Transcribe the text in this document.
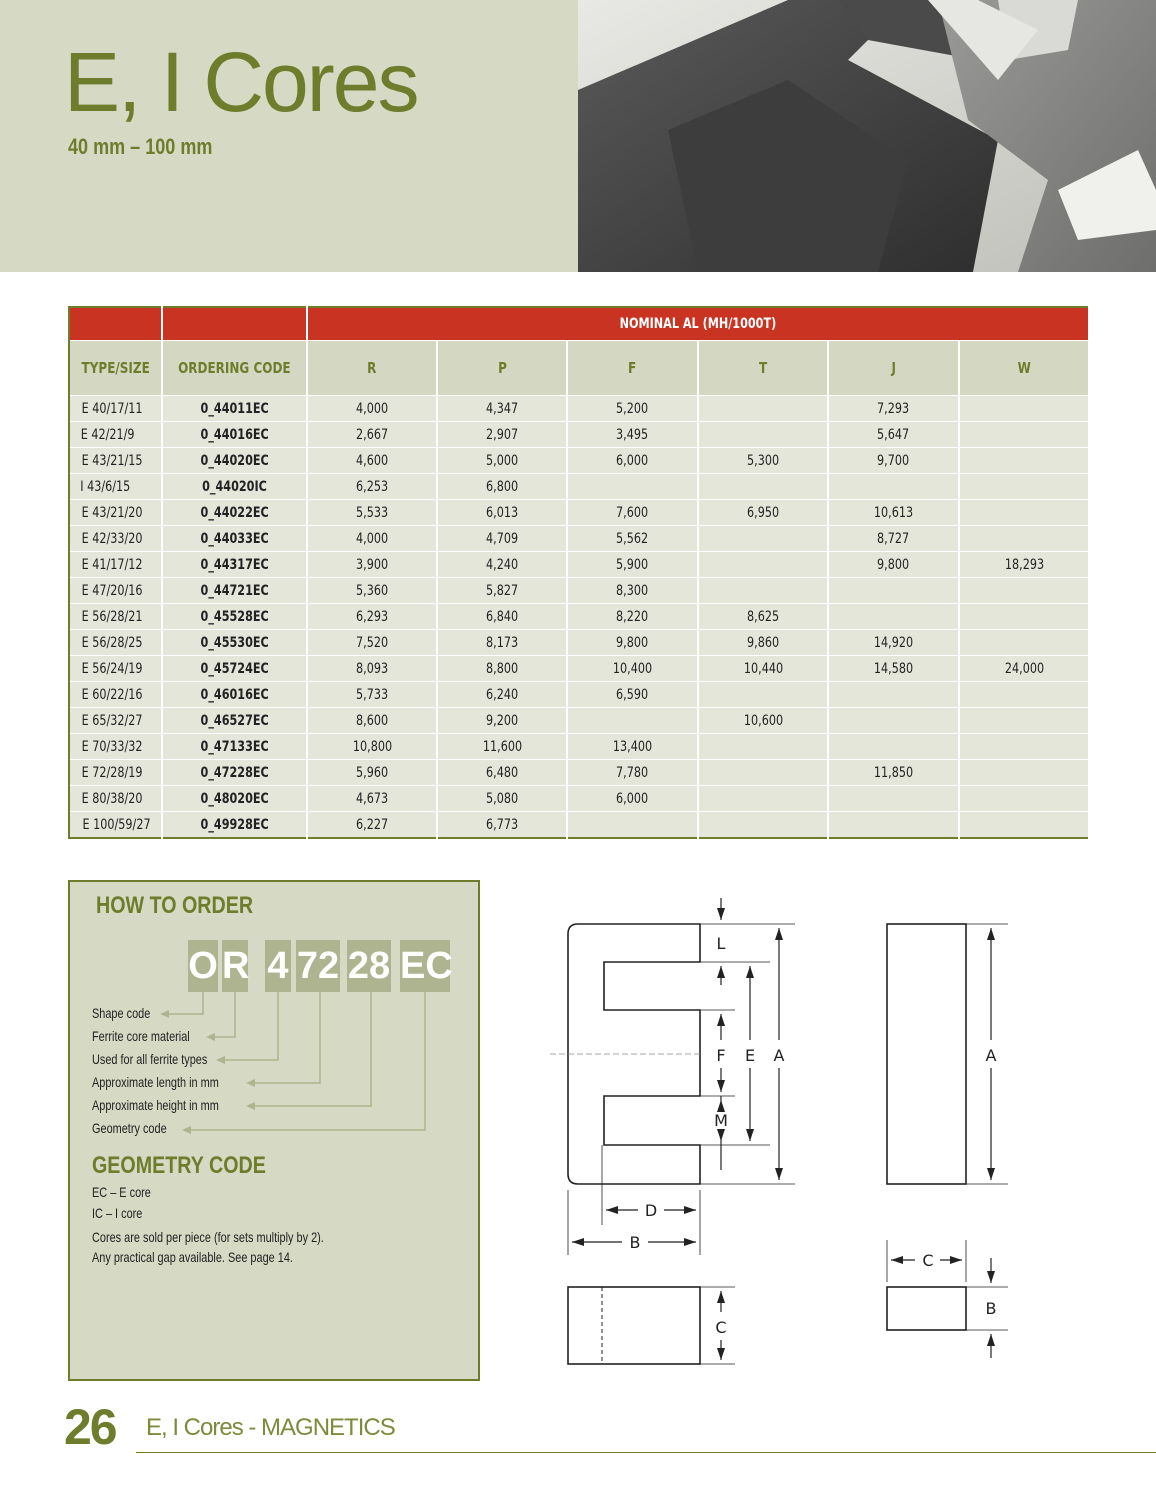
E, I Cores
40 mm – 100 mm
		NOMINAL AL (MH/1000T)					
TYPE/SIZE	ORDERING CODE	R	P	F	T	J	W
E 40/17/11	0_44011EC	4,000	4,347	5,200		7,293	
E 42/21/9	0_44016EC	2,667	2,907	3,495		5,647	
E 43/21/15	0_44020EC	4,600	5,000	6,000	5,300	9,700	
I 43/6/15	0_44020IC	6,253	6,800				
E 43/21/20	0_44022EC	5,533	6,013	7,600	6,950	10,613	
E 42/33/20	0_44033EC	4,000	4,709	5,562		8,727	
E 41/17/12	0_44317EC	3,900	4,240	5,900		9,800	18,293
E 47/20/16	0_44721EC	5,360	5,827	8,300			
E 56/28/21	0_45528EC	6,293	6,840	8,220	8,625		
E 56/28/25	0_45530EC	7,520	8,173	9,800	9,860	14,920	
E 56/24/19	0_45724EC	8,093	8,800	10,400	10,440	14,580	24,000
E 60/22/16	0_46016EC	5,733	6,240	6,590			
E 65/32/27	0_46527EC	8,600	9,200		10,600		
E 70/33/32	0_47133EC	10,800	11,600	13,400			
E 72/28/19	0_47228EC	5,960	6,480	7,780		11,850	
E 80/38/20	0_48020EC	4,673	5,080	6,000			
E 100/59/27	0_49928EC	6,227	6,773				
HOW TO ORDER
O R 4 72 28 EC
Shape code
Ferrite core material
Used for all ferrite types
Approximate length in mm
Approximate height in mm
Geometry code
GEOMETRY CODE
EC – E core
IC – I core
Cores are sold per piece (for sets multiply by 2).
Any practical gap available. See page 14.
L
F E A
M
D
B
C
A
C
B
26 E, I Cores - MAGNETICS
